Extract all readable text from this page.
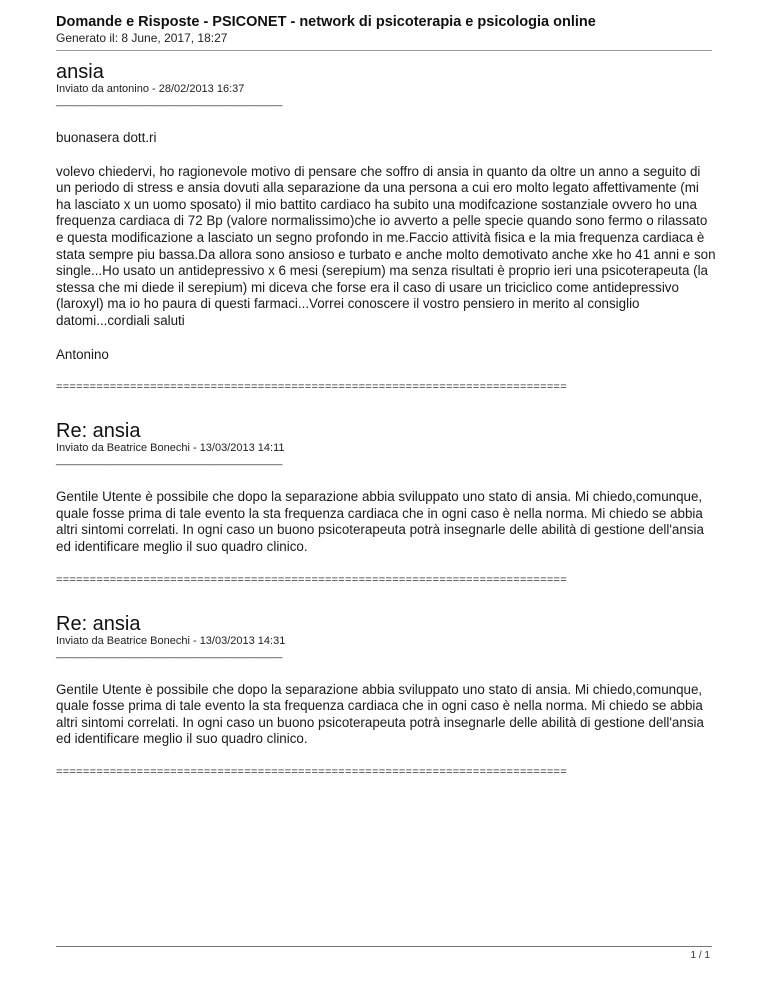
Domande e Risposte - PSICONET - network di psicoterapia e psicologia online
Generato il: 8 June, 2017, 18:27
ansia
Inviato da antonino - 28/02/2013 16:37
_____________________________________

buonasera dott.ri

volevo chiedervi, ho ragionevole motivo di pensare che soffro di ansia in quanto da oltre un anno a seguito di un periodo di stress e ansia dovuti alla separazione da una persona a cui ero molto legato affettivamente (mi ha lasciato x un uomo sposato) il mio battito cardiaco ha subito una modifcazione sostanziale ovvero ho una frequenza cardiaca di 72 Bp (valore normalissimo)che io avverto a pelle specie quando sono fermo o rilassato e questa modificazione a lasciato un segno profondo in me.Faccio attività fisica e la mia frequenza cardiaca è stata sempre piu bassa.Da allora sono ansioso e turbato e anche molto demotivato anche xke ho 41 anni e son single...Ho usato un antidepressivo x 6 mesi (serepium) ma senza risultati è proprio ieri una psicoterapeuta (la stessa che mi diede il serepium) mi diceva che forse era il caso di usare un triciclico come antidepressivo (laroxyl) ma io ho paura di questi farmaci...Vorrei conoscere il vostro pensiero in merito al consiglio datomi...cordiali saluti

Antonino

============================================================================
Re: ansia
Inviato da Beatrice Bonechi - 13/03/2013 14:11
_____________________________________

Gentile Utente è possibile che dopo la separazione abbia sviluppato uno stato di ansia. Mi chiedo,comunque, quale fosse prima di tale evento la sta frequenza cardiaca che in ogni caso è nella norma. Mi chiedo se abbia altri sintomi correlati. In ogni caso un buono psicoterapeuta potrà insegnarle delle abilità di gestione dell'ansia ed identificare meglio il suo quadro clinico.

============================================================================
Re: ansia
Inviato da Beatrice Bonechi - 13/03/2013 14:31
_____________________________________

Gentile Utente è possibile che dopo la separazione abbia sviluppato uno stato di ansia. Mi chiedo,comunque, quale fosse prima di tale evento la sta frequenza cardiaca che in ogni caso è nella norma. Mi chiedo se abbia altri sintomi correlati. In ogni caso un buono psicoterapeuta potrà insegnarle delle abilità di gestione dell'ansia ed identificare meglio il suo quadro clinico.

============================================================================
1 / 1
